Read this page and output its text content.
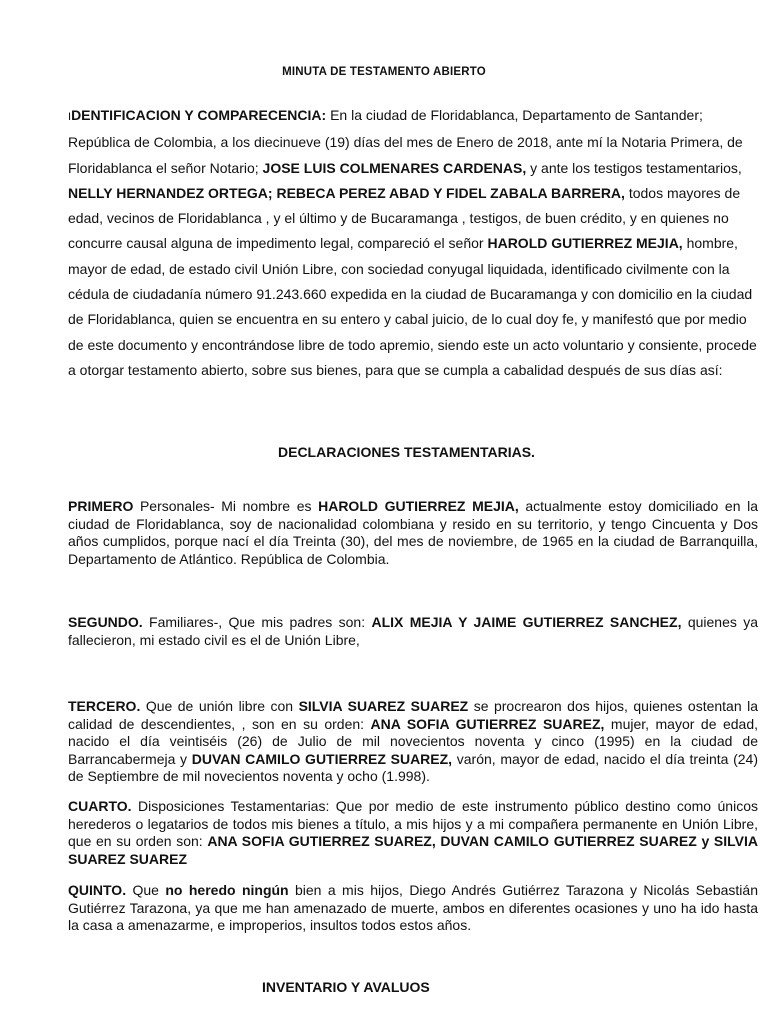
MINUTA DE TESTAMENTO ABIERTO

IDENTIFICACION Y COMPARECENCIA: En la ciudad de Floridablanca, Departamento de Santander; República de Colombia, a los diecinueve (19) días del mes de Enero de 2018, ante mí la Notaria Primera, de Floridablanca el señor Notario; JOSE LUIS COLMENARES CARDENAS, y ante los testigos testamentarios, NELLY HERNANDEZ ORTEGA; REBECA PEREZ ABAD Y FIDEL ZABALA BARRERA, todos mayores de edad, vecinos de Floridablanca , y el último y de Bucaramanga , testigos, de buen crédito, y en quienes no concurre causal alguna de impedimento legal, compareció el señor HAROLD GUTIERREZ MEJIA, hombre, mayor de edad, de estado civil Unión Libre, con sociedad conyugal liquidada, identificado civilmente con la cédula de ciudadanía número 91.243.660 expedida en la ciudad de Bucaramanga y con domicilio en la ciudad de Floridablanca, quien se encuentra en su entero y cabal juicio, de lo cual doy fe, y manifestó que por medio de este documento y encontrándose libre de todo apremio, siendo este un acto voluntario y consiente, procede a otorgar testamento abierto, sobre sus bienes, para que se cumpla a cabalidad después de sus días así:

DECLARACIONES TESTAMENTARIAS.

PRIMERO Personales- Mi nombre es HAROLD GUTIERREZ MEJIA, actualmente estoy domiciliado en la ciudad de Floridablanca, soy de nacionalidad colombiana y resido en su territorio, y tengo Cincuenta y Dos años cumplidos, porque nací el día Treinta (30), del mes de noviembre, de 1965 en la ciudad de Barranquilla, Departamento de Atlántico. República de Colombia.

SEGUNDO. Familiares-, Que mis padres son: ALIX MEJIA Y JAIME GUTIERREZ SANCHEZ, quienes ya fallecieron, mi estado civil es el de Unión Libre,

TERCERO. Que de unión libre con SILVIA SUAREZ SUAREZ se procrearon dos hijos, quienes ostentan la calidad de descendientes, , son en su orden: ANA SOFIA GUTIERREZ SUAREZ, mujer, mayor de edad, nacido el día veintiséis (26) de Julio de mil novecientos noventa y cinco (1995) en la ciudad de Barrancabermeja y DUVAN CAMILO GUTIERREZ SUAREZ, varón, mayor de edad, nacido el día treinta (24) de Septiembre de mil novecientos noventa y ocho (1.998).

CUARTO. Disposiciones Testamentarias: Que por medio de este instrumento público destino como únicos herederos o legatarios de todos mis bienes a título, a mis hijos y a mi compañera permanente en Unión Libre, que en su orden son: ANA SOFIA GUTIERREZ SUAREZ, DUVAN CAMILO GUTIERREZ SUAREZ y SILVIA SUAREZ SUAREZ

QUINTO. Que no heredo ningún bien a mis hijos, Diego Andrés Gutiérrez Tarazona y Nicolás Sebastián Gutiérrez Tarazona, ya que me han amenazado de muerte, ambos en diferentes ocasiones y uno ha ido hasta la casa a amenazarme, e improperios, insultos todos estos años.

INVENTARIO Y AVALUOS
